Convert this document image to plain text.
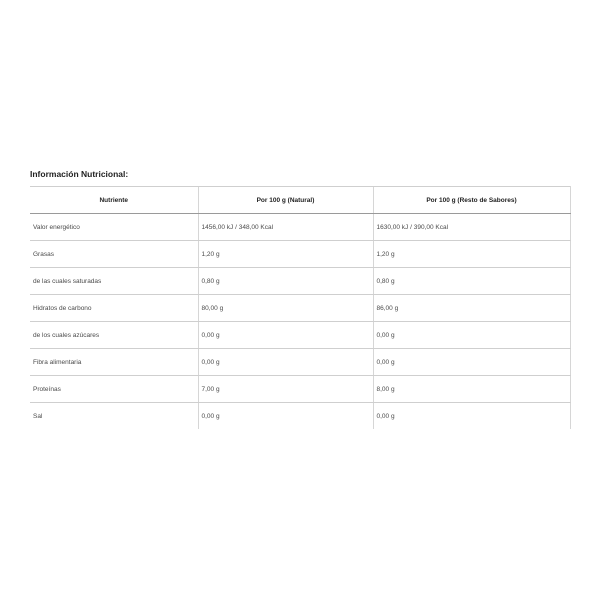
Información Nutricional:
Nutriente	Por 100 g (Natural)	Por 100 g (Resto de Sabores)
Valor energético	1456,00 kJ / 348,00 Kcal	1630,00 kJ / 390,00 Kcal
Grasas	1,20 g	1,20 g
de las cuales saturadas	0,80 g	0,80 g
Hidratos de carbono	80,00 g	86,00 g
de los cuales azúcares	0,00 g	0,00 g
Fibra alimentaria	0,00 g	0,00 g
Proteínas	7,00 g	8,00 g
Sal	0,00 g	0,00 g
